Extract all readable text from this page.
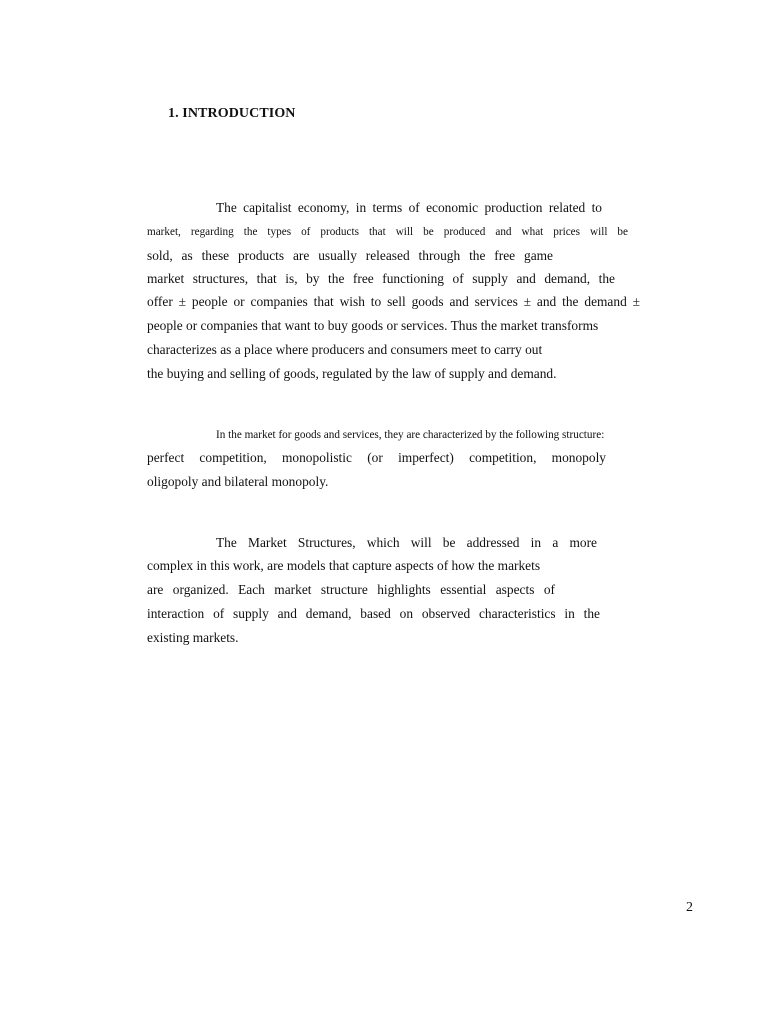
1. INTRODUCTION
The capitalist economy, in terms of economic production related to
market, regarding the types of products that will be produced and what prices will be
sold, as these products are usually released through the free game
market structures, that is, by the free functioning of supply and demand, the
offer ± people or companies that wish to sell goods and services ± and the demand ±
people or companies that want to buy goods or services. Thus the market transforms
characterizes as a place where producers and consumers meet to carry out
the buying and selling of goods, regulated by the law of supply and demand.
In the market for goods and services, they are characterized by the following structure:
perfect competition, monopolistic (or imperfect) competition, monopoly
oligopoly and bilateral monopoly.
The Market Structures, which will be addressed in a more
complex in this work, are models that capture aspects of how the markets
are organized. Each market structure highlights essential aspects of
interaction of supply and demand, based on observed characteristics in the
existing markets.
2
